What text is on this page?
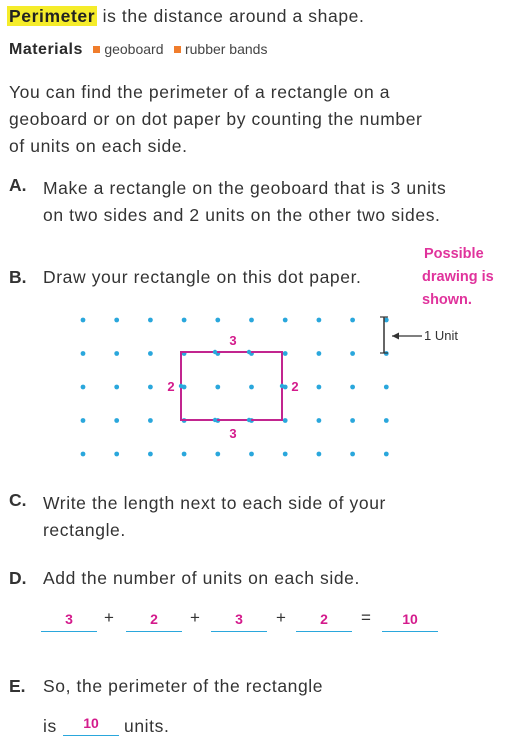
Perimeter is the distance around a shape.
Materials geoboard rubber bands
You can find the perimeter of a rectangle on a
geoboard or on dot paper by counting the number
of units on each side.
A. Make a rectangle on the geoboard that is 3 units
on two sides and 2 units on the other two sides.
B. Draw your rectangle on this dot paper.
Possible
drawing is
shown.
3
3
2	2
1 Unit
C. Write the length next to each side of your
rectangle.
D. Add the number of units on each side.
3	+	2	+	3	+	2	=	10
E. So, the perimeter of the rectangle
is	10	units.
